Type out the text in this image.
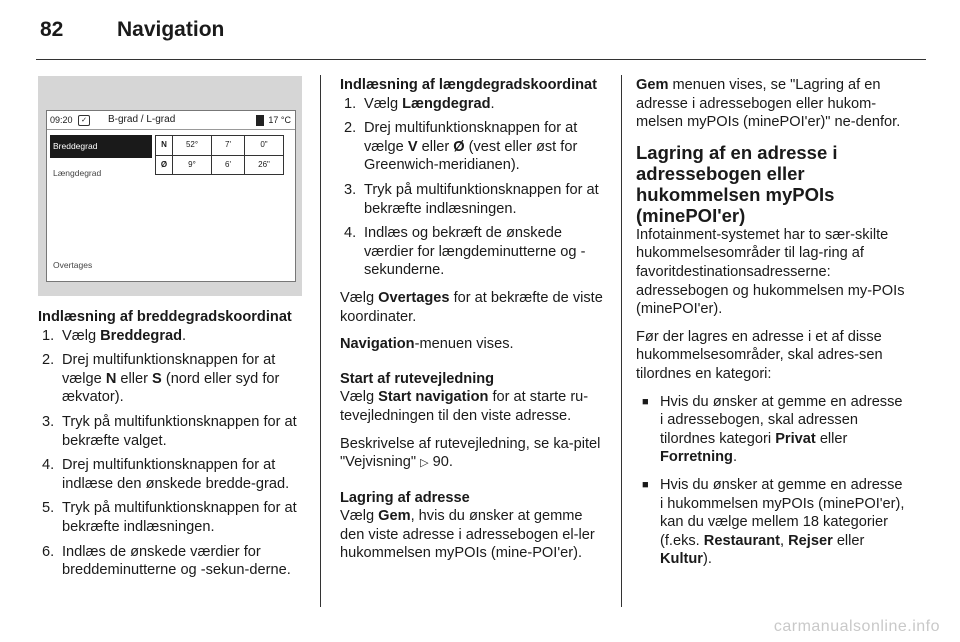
82	Navigation
09:20	✓	B-grad / L-grad	17 °C
Breddegrad
Længdegrad
N	52°	7'	0"
Ø	9°	6'	26"
Overtages

Indlæsning af breddegradskoordinat

1. Vælg Breddegrad.
2. Drej multifunktionsknappen for at vælge N eller S (nord eller syd for ækvator).
3. Tryk på multifunktionsknappen for at bekræfte valget.
4. Drej multifunktionsknappen for at indlæse den ønskede bredde-grad.
5. Tryk på multifunktionsknappen for at bekræfte indlæsningen.
6. Indlæs de ønskede værdier for breddeminutterne og -sekun-derne.

Indlæsning af længdegradskoordinat

1. Vælg Længdegrad.
2. Drej multifunktionsknappen for at vælge V eller Ø (vest eller øst for Greenwich-meridianen).
3. Tryk på multifunktionsknappen for at bekræfte indlæsningen.
4. Indlæs og bekræft de ønskede værdier for længdeminutterne og -sekunderne.

Vælg Overtages for at bekræfte de viste koordinater.

Navigation-menuen vises.

Start af rutevejledning

Vælg Start navigation for at starte ru-tevejledningen til den viste adresse.

Beskrivelse af rutevejledning, se ka-pitel "Vejvisning" ▷ 90.

Lagring af adresse

Vælg Gem, hvis du ønsker at gemme den viste adresse i adressebogen el-ler hukommelsen myPOIs (mine-POI'er).

Gem menuen vises, se "Lagring af en adresse i adressebogen eller hukom-melsen myPOIs (minePOI'er)" ne-denfor.

Lagring af en adresse i adressebogen eller hukommelsen myPOIs (minePOI'er)

Infotainment-systemet har to sær-skilte hukommelsesområder til lag-ring af favoritdestinationsadresserne: adressebogen og hukommelsen my-POIs (minePOI'er).

Før der lagres en adresse i et af disse hukommelsesområder, skal adres-sen tilordnes en kategori:

■ Hvis du ønsker at gemme en adresse i adressebogen, skal adressen tilordnes kategori Privat eller Forretning.
■ Hvis du ønsker at gemme en adresse i hukommelsen myPOIs (minePOI'er), kan du vælge mellem 18 kategorier (f.eks. Restaurant, Rejser eller Kultur).
carmanualsonline.info
